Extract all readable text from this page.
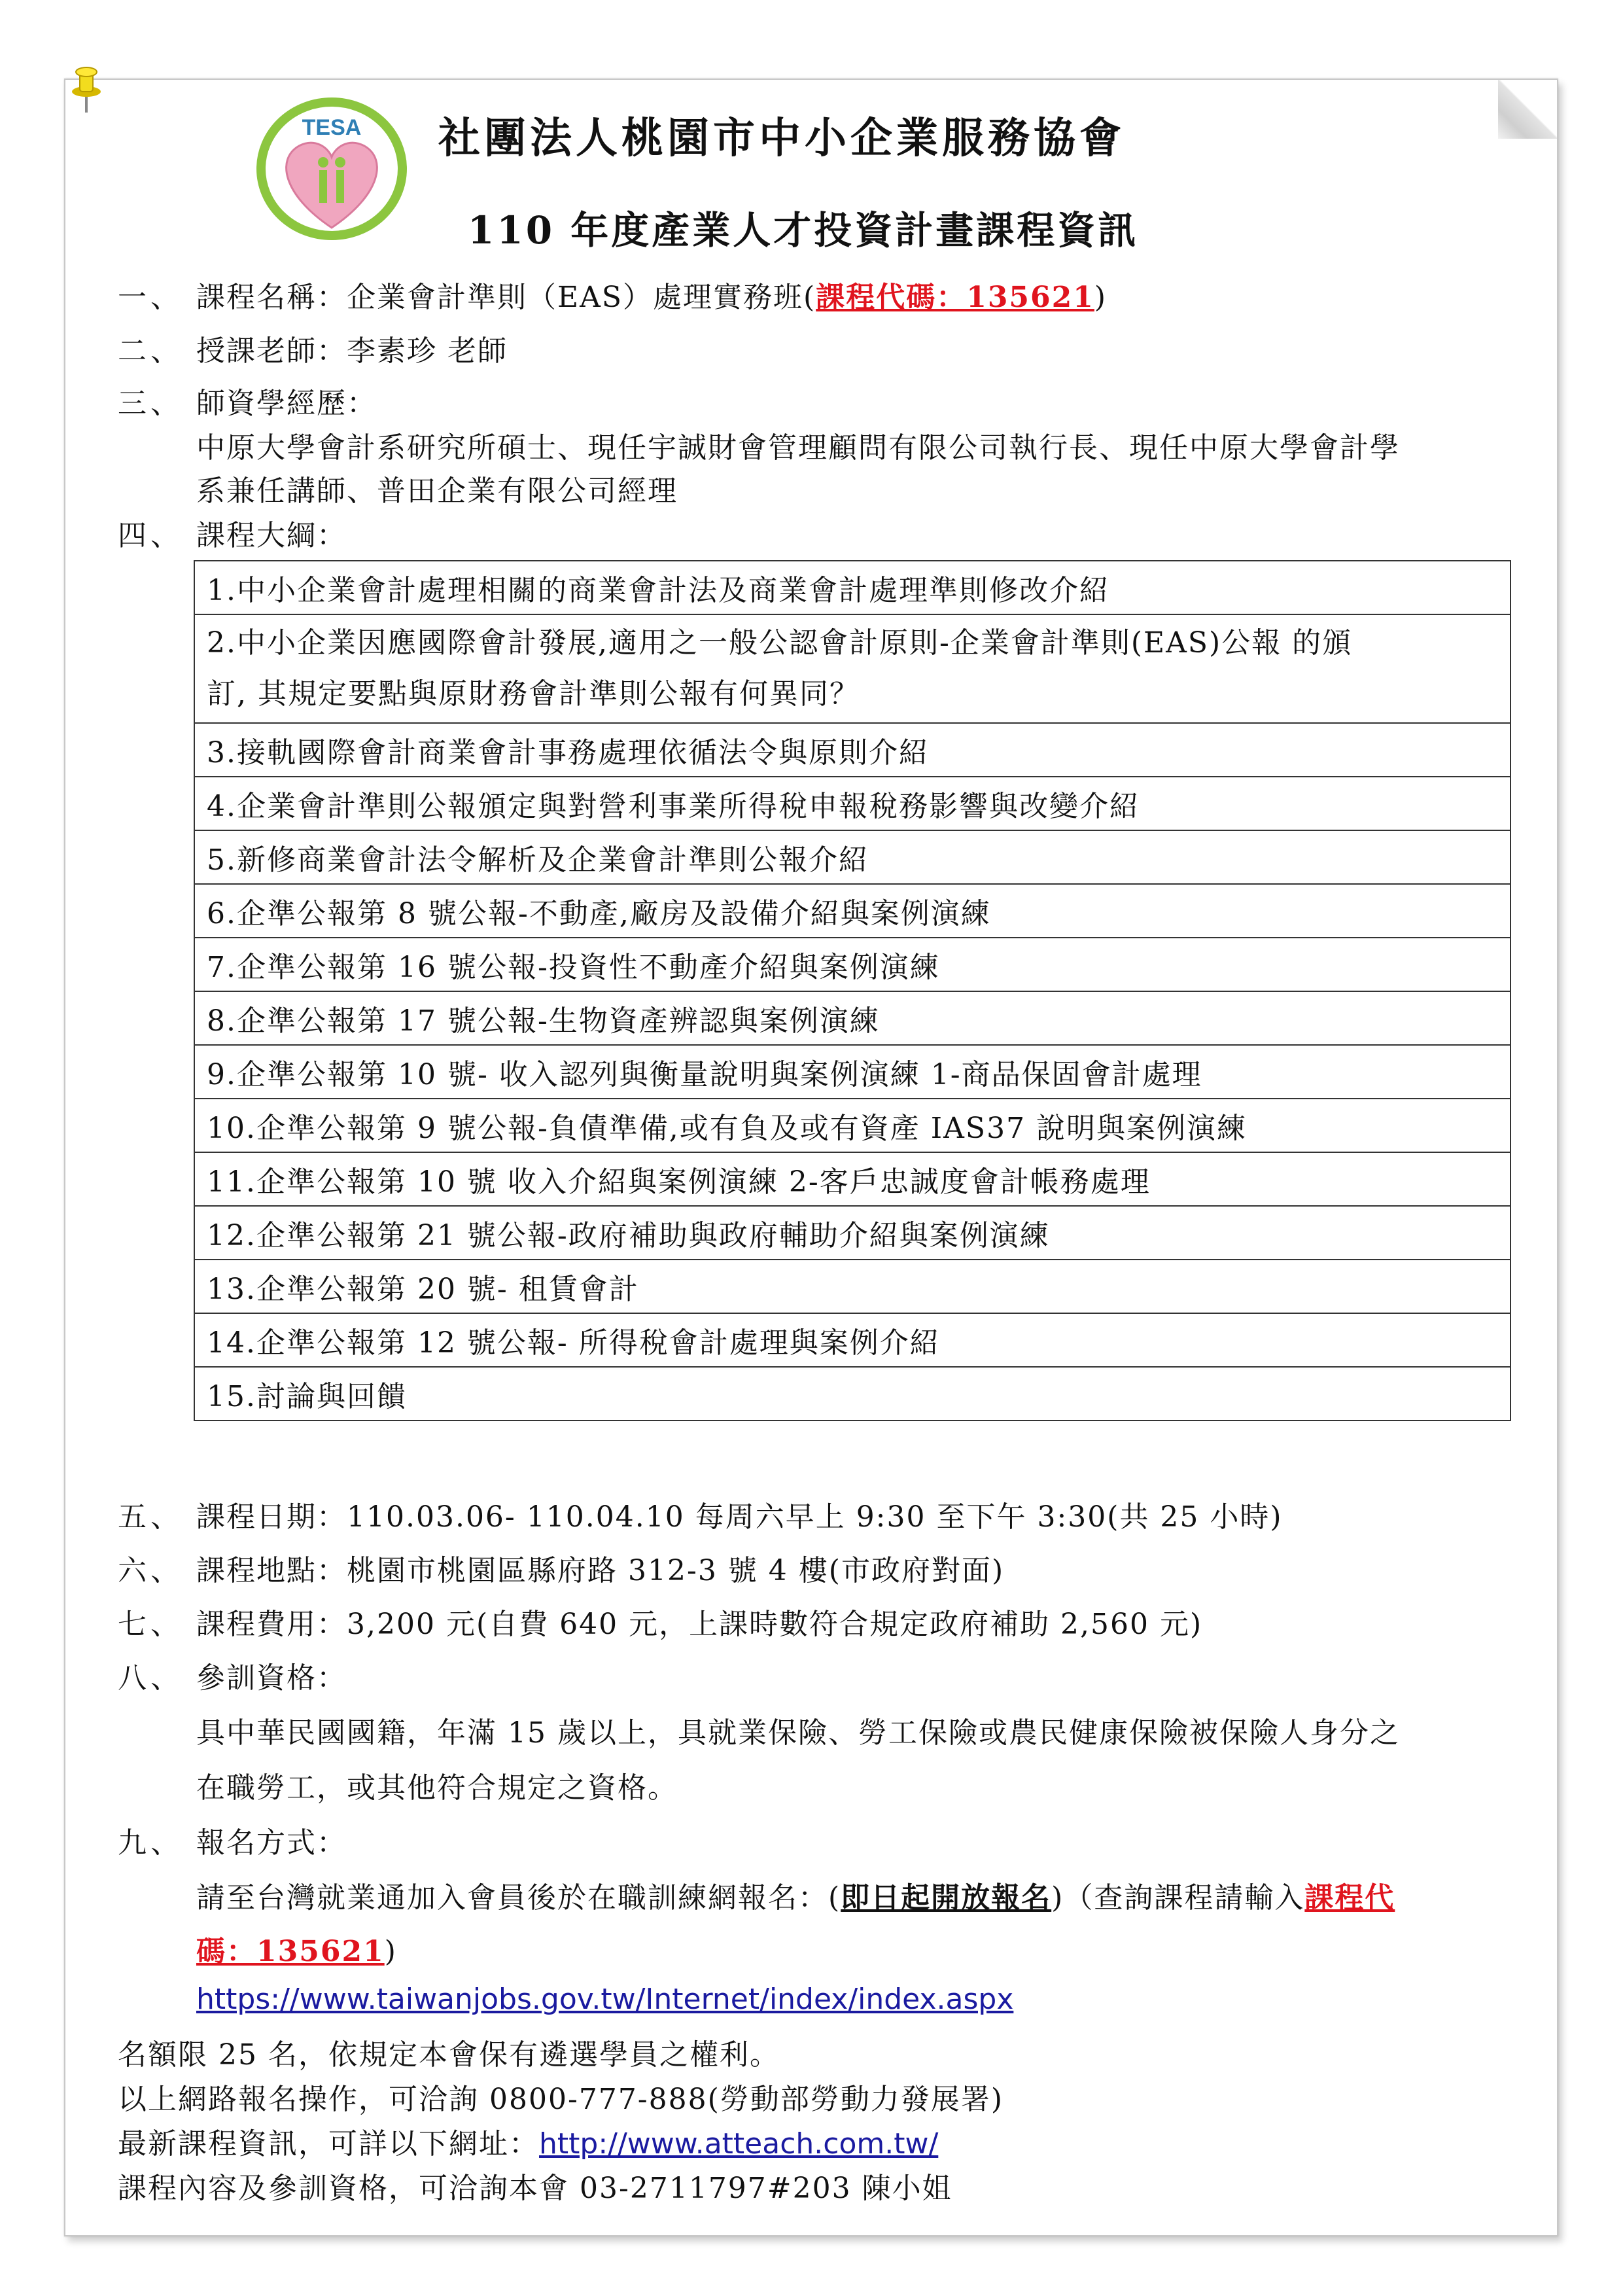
TESA 社團法人桃園市中小企業服務協會
110 年度產業人才投資計畫課程資訊
一、 課程名稱：企業會計準則（EAS）處理實務班(課程代碼：135621)
二、 授課老師：李素珍 老師
三、 師資學經歷：
中原大學會計系研究所碩士、現任宇誠財會管理顧問有限公司執行長、現任中原大學會計學
系兼任講師、普田企業有限公司經理
四、 課程大綱：
1.中小企業會計處理相關的商業會計法及商業會計處理準則修改介紹
2.中小企業因應國際會計發展,適用之一般公認會計原則-企業會計準則(EAS)公報 的頒
訂, 其規定要點與原財務會計準則公報有何異同？
3.接軌國際會計商業會計事務處理依循法令與原則介紹
4.企業會計準則公報頒定與對營利事業所得稅申報稅務影響與改變介紹
5.新修商業會計法令解析及企業會計準則公報介紹
6.企準公報第 8 號公報-不動產,廠房及設備介紹與案例演練
7.企準公報第 16 號公報-投資性不動產介紹與案例演練
8.企準公報第 17 號公報-生物資產辨認與案例演練
9.企準公報第 10 號- 收入認列與衡量說明與案例演練 1-商品保固會計處理
10.企準公報第 9 號公報-負債準備,或有負及或有資產 IAS37 說明與案例演練
11.企準公報第 10 號 收入介紹與案例演練 2-客戶忠誠度會計帳務處理
12.企準公報第 21 號公報-政府補助與政府輔助介紹與案例演練
13.企準公報第 20 號- 租賃會計
14.企準公報第 12 號公報- 所得稅會計處理與案例介紹
15.討論與回饋
五、 課程日期：110.03.06- 110.04.10 每周六早上 9:30 至下午 3:30(共 25 小時)
六、 課程地點：桃園市桃園區縣府路 312-3 號 4 樓(市政府對面)
七、 課程費用：3,200 元(自費 640 元，上課時數符合規定政府補助 2,560 元)
八、 參訓資格：
具中華民國國籍，年滿 15 歲以上，具就業保險、勞工保險或農民健康保險被保險人身分之
在職勞工，或其他符合規定之資格。
九、 報名方式：
請至台灣就業通加入會員後於在職訓練網報名：(即日起開放報名)（查詢課程請輸入課程代
碼：135621)
https://www.taiwanjobs.gov.tw/Internet/index/index.aspx
名額限 25 名，依規定本會保有遴選學員之權利。
以上網路報名操作，可洽詢 0800-777-888(勞動部勞動力發展署)
最新課程資訊，可詳以下網址：http://www.atteach.com.tw/
課程內容及參訓資格，可洽詢本會 03-2711797#203 陳小姐
